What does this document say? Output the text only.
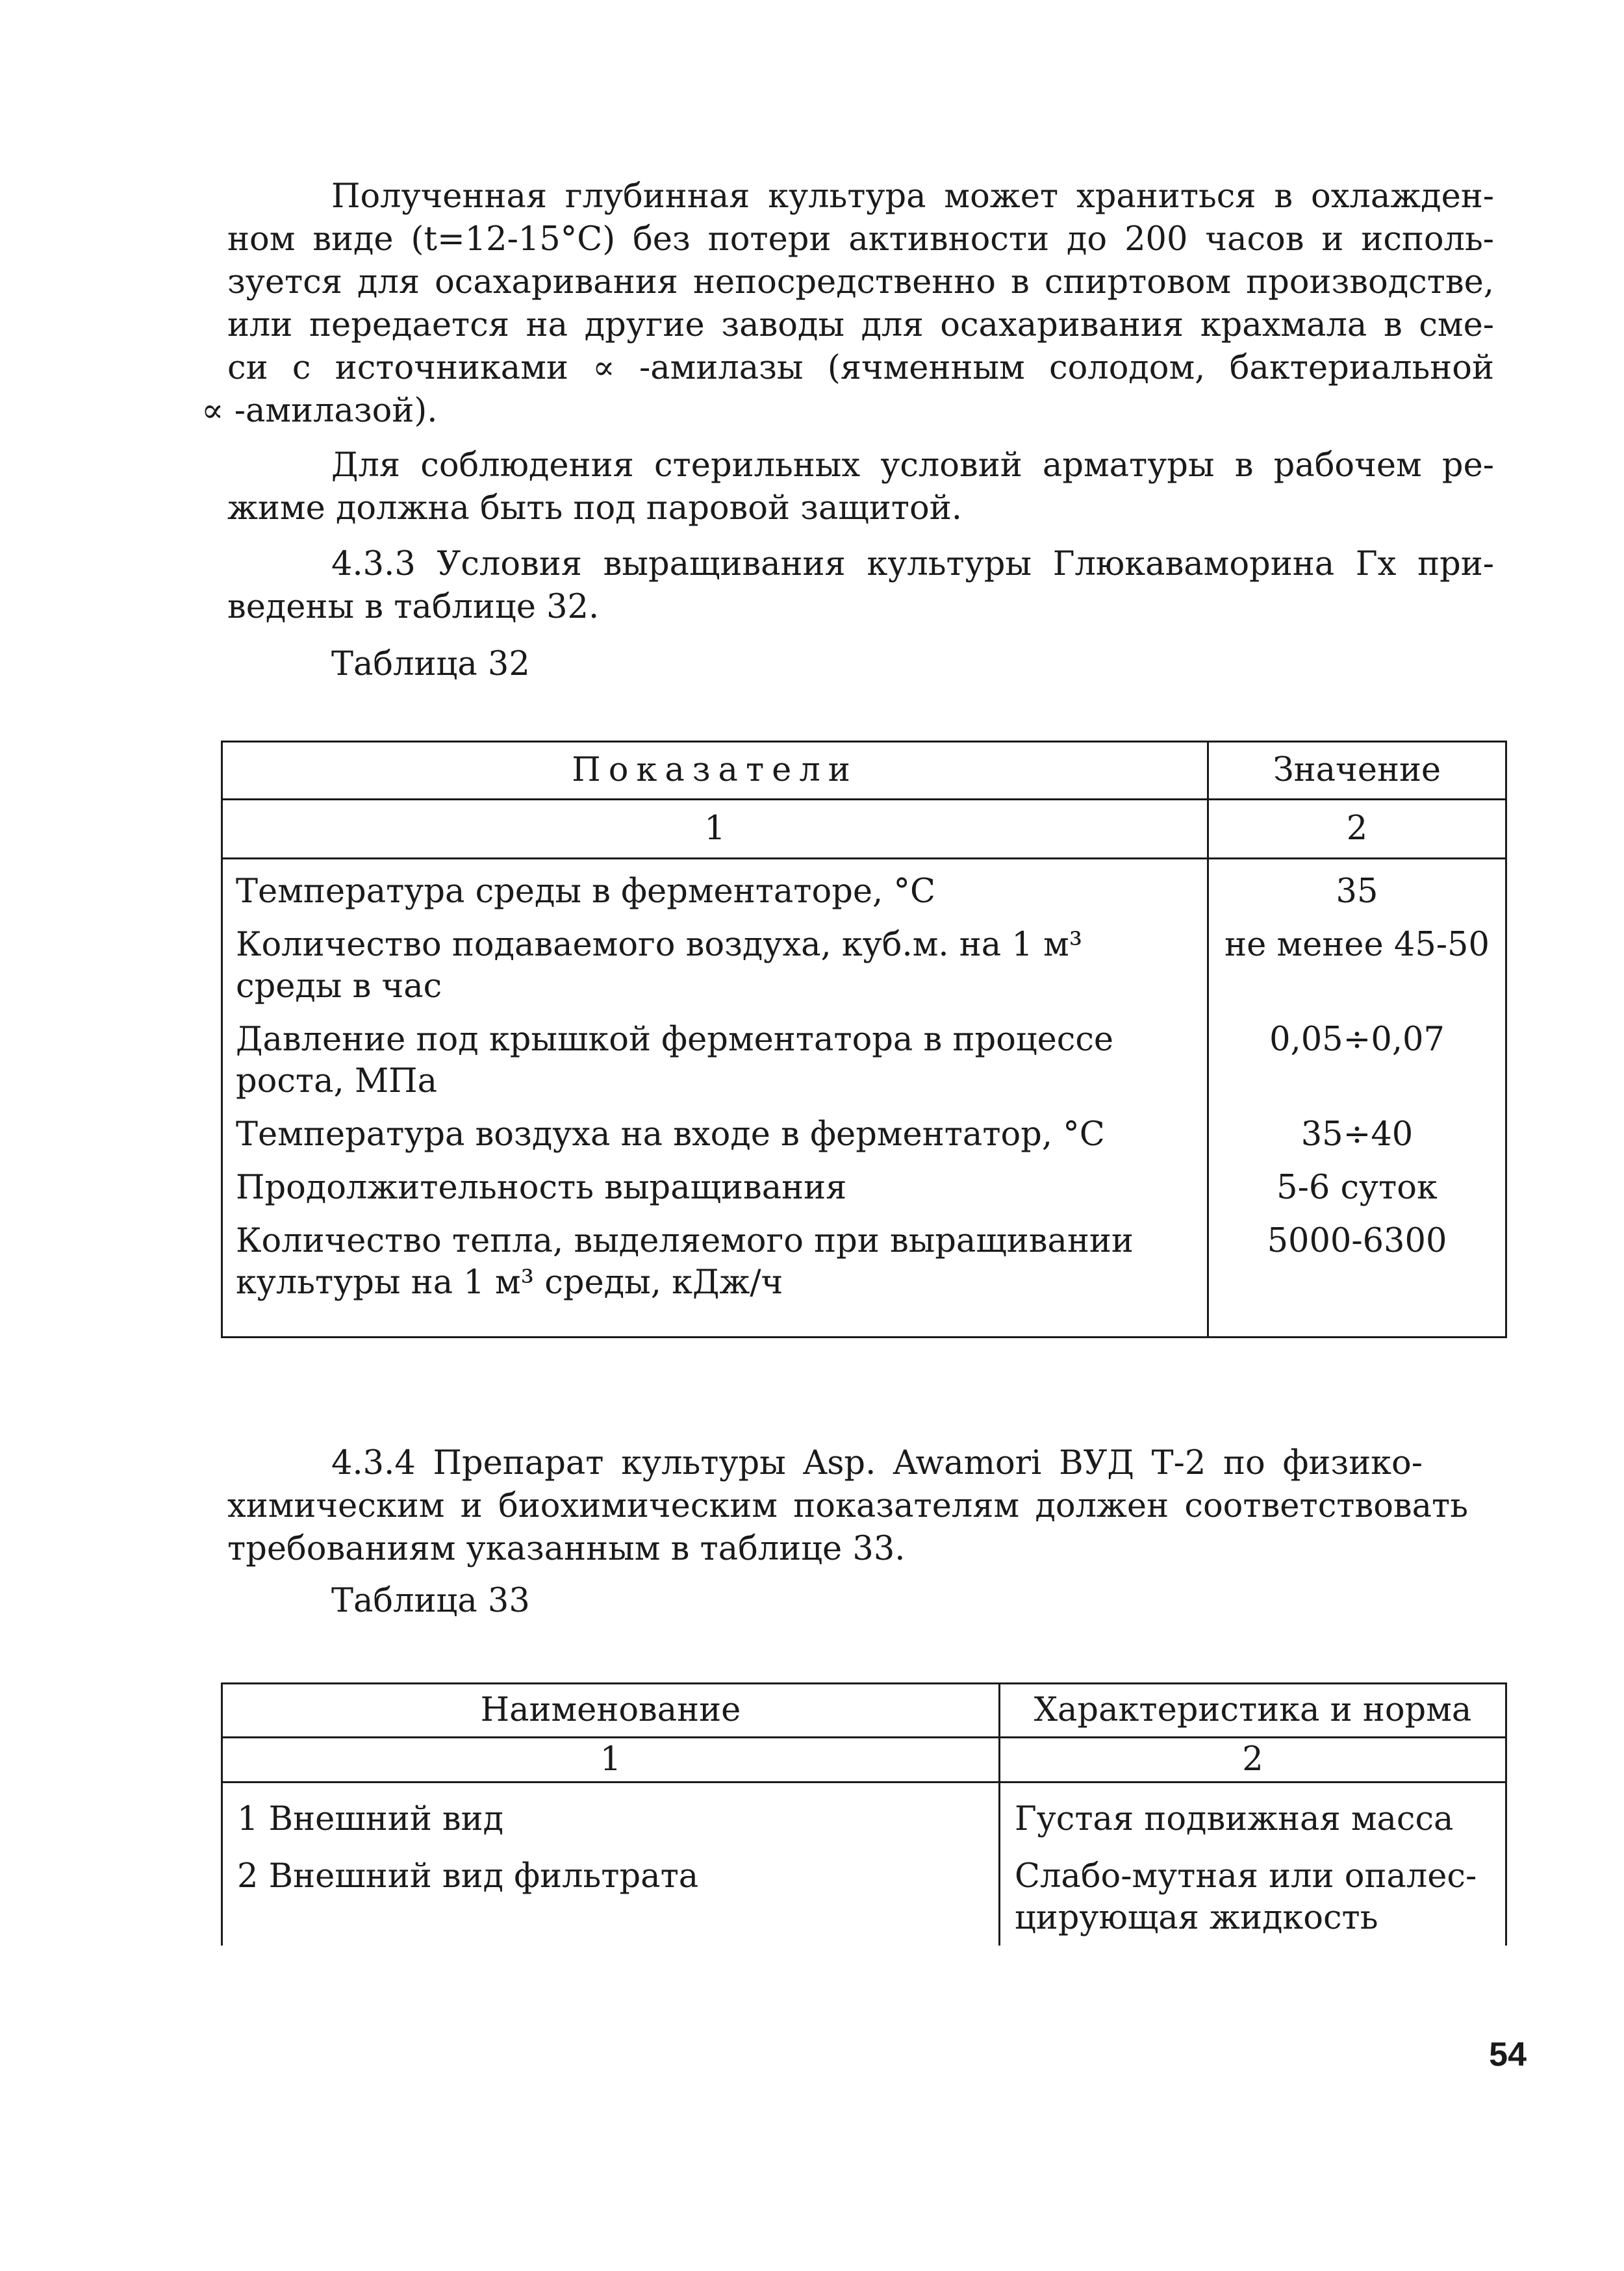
Полученная глубинная культура может храниться в охлажден-
ном виде (t=12-15°С) без потери активности до 200 часов и исполь-
зуется для осахаривания непосредственно в спиртовом производстве,
или передается на другие заводы для осахаривания крахмала в сме-
си с источниками ∝ -амилазы (ячменным солодом, бактериальной
∝ -амилазой).
Для соблюдения стерильных условий арматуры в рабочем ре-
жиме должна быть под паровой защитой.
4.3.3 Условия выращивания культуры Глюкаваморина Гх при-
ведены в таблице 32.

Таблица 32

Показатели	Значение
1	2
Температура среды в ферментаторе, °С	35
Количество подаваемого воздуха, куб.м. на 1 м³ среды в час	не менее 45-50
Давление под крышкой ферментатора в процессе роста, МПа	0,05÷0,07
Температура воздуха на входе в ферментатор, °С	35÷40
Продолжительность выращивания	5-6 суток
Количество тепла, выделяемого при выращивании культуры на 1 м³ среды, кДж/ч	5000-6300
4.3.4 Препарат культуры Asp. Awamori ВУД Т-2 по физико-
химическим и биохимическим показателям должен соответствовать
требованиям указанным в таблице 33.

Таблица 33

Наименование	Характеристика и норма
1	2
1 Внешний вид	Густая подвижная масса
2 Внешний вид фильтрата	Слабо-мутная или опалес-цирующая жидкость
54
